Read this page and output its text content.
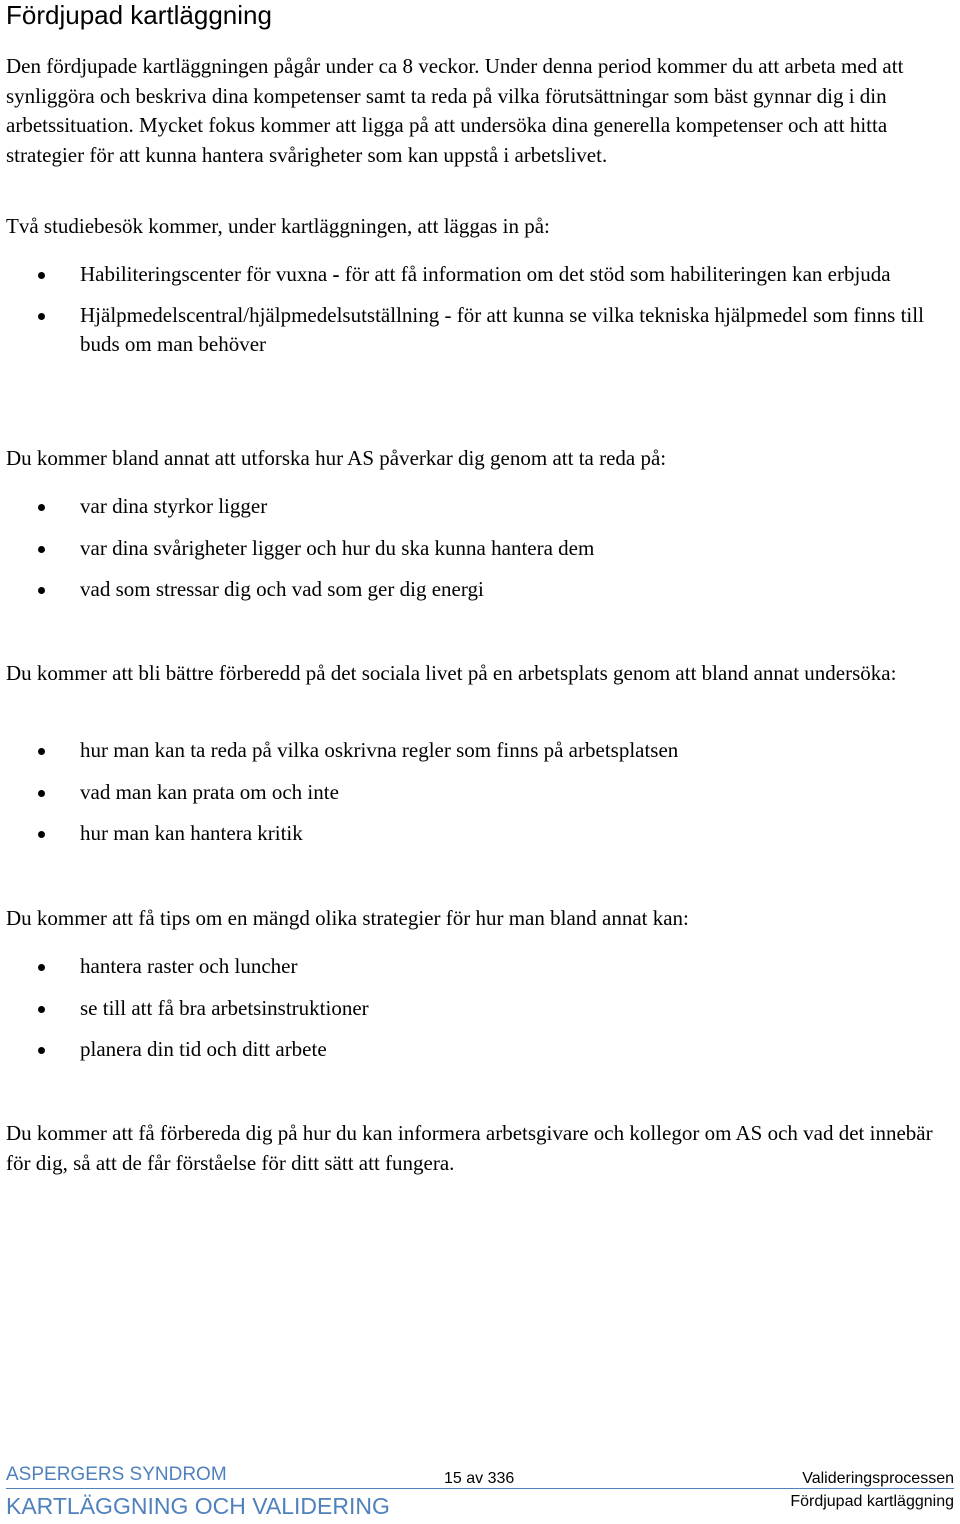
Fördjupad kartläggning

Den fördjupade kartläggningen pågår under ca 8 veckor. Under denna period kommer du att arbeta med att synliggöra och beskriva dina kompetenser samt ta reda på vilka förutsättningar som bäst gynnar dig i din arbetssituation. Mycket fokus kommer att ligga på att undersöka dina generella kompetenser och att hitta strategier för att kunna hantera svårigheter som kan uppstå i arbetslivet.

Två studiebesök kommer, under kartläggningen, att läggas in på:

Habiliteringscenter för vuxna - för att få information om det stöd som habiliteringen kan erbjuda
Hjälpmedelscentral/hjälpmedelsutställning - för att kunna se vilka tekniska hjälpmedel som finns till buds om man behöver

Du kommer bland annat att utforska hur AS påverkar dig genom att ta reda på:

var dina styrkor ligger
var dina svårigheter ligger och hur du ska kunna hantera dem
vad som stressar dig och vad som ger dig energi

Du kommer att bli bättre förberedd på det sociala livet på en arbetsplats genom att bland annat undersöka:

hur man kan ta reda på vilka oskrivna regler som finns på arbetsplatsen
vad man kan prata om och inte
hur man kan hantera kritik

Du kommer att få tips om en mängd olika strategier för hur man bland annat kan:

hantera raster och luncher
se till att få bra arbetsinstruktioner
planera din tid och ditt arbete

Du kommer att få förbereda dig på hur du kan informera arbetsgivare och kollegor om AS och vad det innebär för dig, så att de får förståelse för ditt sätt att fungera.

ASPERGERS SYNDROM	15 av 336	Valideringsprocessen
KARTLÄGGNING OCH VALIDERING	Fördjupad kartläggning
